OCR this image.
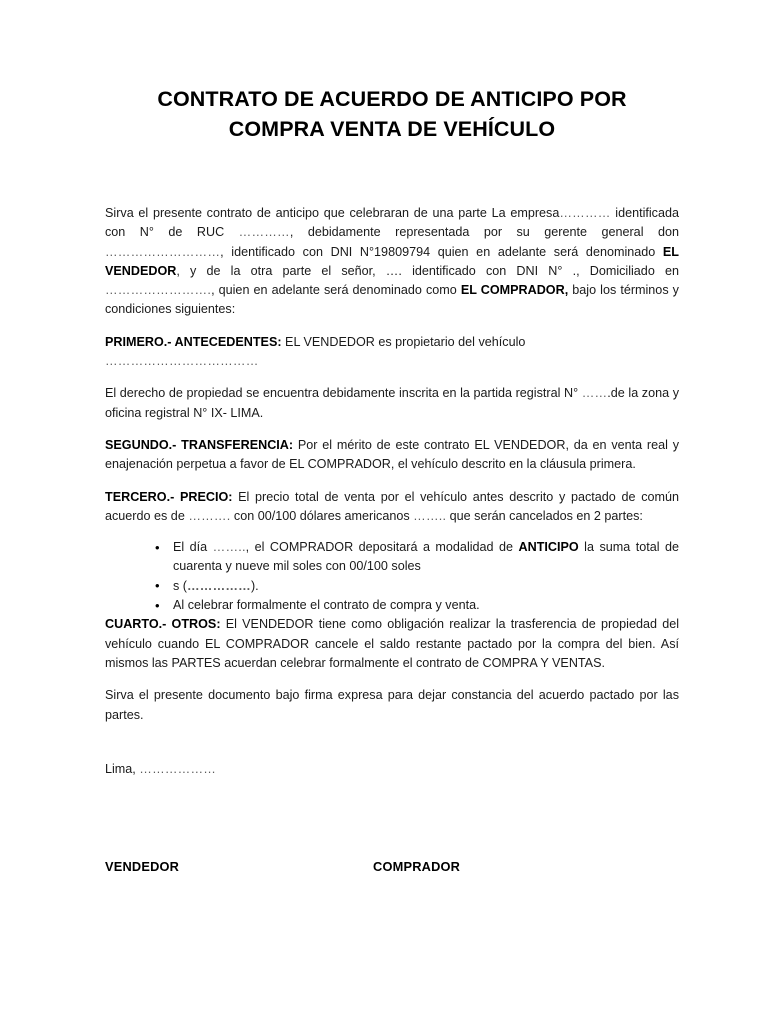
CONTRATO DE ACUERDO DE ANTICIPO POR
COMPRA VENTA DE VEHÍCULO

Sirva el presente contrato de anticipo que celebraran de una parte La empresa………… identificada con N° de RUC …………, debidamente representada por su gerente general don ………………………, identificado con DNI N°19809794 quien en adelante será denominado EL VENDEDOR, y de la otra parte el señor, …. identificado con DNI N° ., Domiciliado en ……………………., quien en adelante será denominado como EL COMPRADOR, bajo los términos y condiciones siguientes:

PRIMERO.- ANTECEDENTES: EL VENDEDOR es propietario del vehículo
………………………………

El derecho de propiedad se encuentra debidamente inscrita en la partida registral N° …….de la zona y oficina registral N° IX- LIMA.

SEGUNDO.- TRANSFERENCIA: Por el mérito de este contrato EL VENDEDOR, da en venta real y enajenación perpetua a favor de EL COMPRADOR, el vehículo descrito en la cláusula primera.

TERCERO.- PRECIO: El precio total de venta por el vehículo antes descrito y pactado de común acuerdo es de ………. con 00/100 dólares americanos …….. que serán cancelados en 2 partes:

• El día …….., el COMPRADOR depositará a modalidad de ANTICIPO la suma total de cuarenta y nueve mil soles con 00/100 soles
• s (……………).
• Al celebrar formalmente el contrato de compra y venta.

CUARTO.- OTROS: El VENDEDOR tiene como obligación realizar la trasferencia de propiedad del vehículo cuando EL COMPRADOR cancele el saldo restante pactado por la compra del bien. Así mismos las PARTES acuerdan celebrar formalmente el contrato de COMPRA Y VENTAS.

Sirva el presente documento bajo firma expresa para dejar constancia del acuerdo pactado por las partes.

Lima, ………………

VENDEDOR	COMPRADOR
